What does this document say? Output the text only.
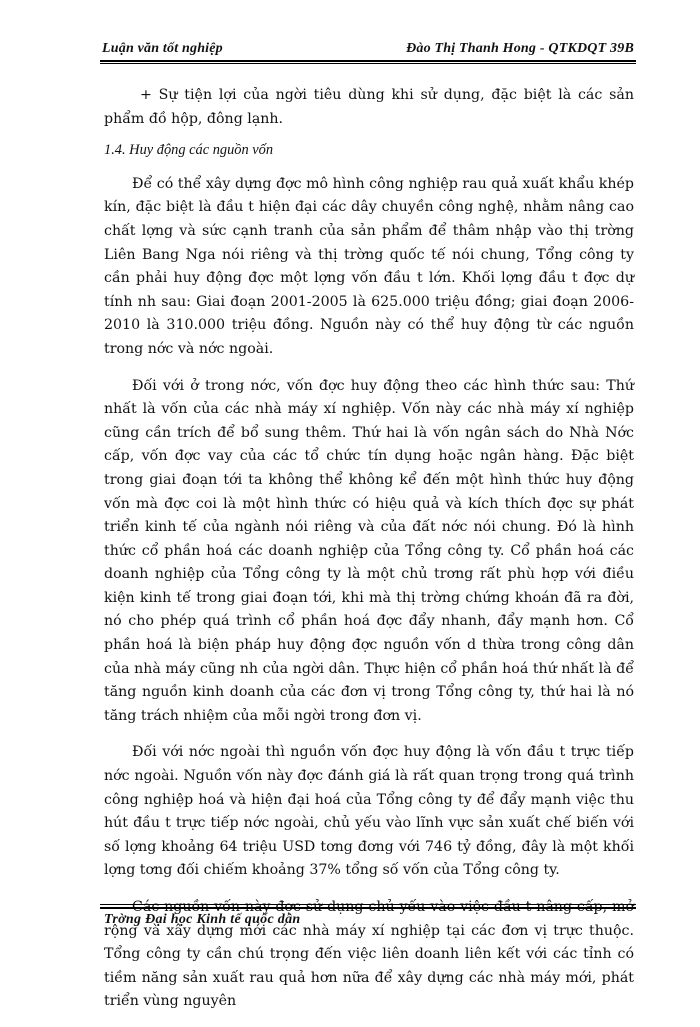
Luận văn tốt nghiệp	Đào Thị Thanh Hong - QTKDQT 39B

+ Sự tiện lợi của ngời tiêu dùng khi sử dụng, đặc biệt là các sản phẩm đồ hộp, đông lạnh.

1.4. Huy động các nguồn vốn

Để có thể xây dựng đợc mô hình công nghiệp rau quả xuất khẩu khép kín, đặc biệt là đầu t hiện đại các dây chuyền công nghệ, nhằm nâng cao chất lợng và sức cạnh tranh của sản phẩm để thâm nhập vào thị trờng Liên Bang Nga nói riêng và thị trờng quốc tế nói chung, Tổng công ty cần phải huy động đợc một lợng vốn đầu t lớn. Khối lợng đầu t đợc dự tính nh sau: Giai đoạn 2001-2005 là 625.000 triệu đồng; giai đoạn 2006-2010 là 310.000 triệu đồng. Nguồn này có thể huy động từ các nguồn trong nớc và nớc ngoài.

Đối với ở trong nớc, vốn đợc huy động theo các hình thức sau: Thứ nhất là vốn của các nhà máy xí nghiệp. Vốn này các nhà máy xí nghiệp cũng cần trích để bổ sung thêm. Thứ hai là vốn ngân sách do Nhà Nớc cấp, vốn đợc vay của các tổ chức tín dụng hoặc ngân hàng. Đặc biệt trong giai đoạn tới ta không thể không kể đến một hình thức huy động vốn mà đợc coi là một hình thức có hiệu quả và kích thích đợc sự phát triển kinh tế của ngành nói riêng và của đất nớc nói chung. Đó là hình thức cổ phần hoá các doanh nghiệp của Tổng công ty. Cổ phần hoá các doanh nghiệp của Tổng công ty là một chủ trơng rất phù hợp với điều kiện kinh tế trong giai đoạn tới, khi mà thị trờng chứng khoán đã ra đời, nó cho phép quá trình cổ phần hoá đợc đẩy nhanh, đẩy mạnh hơn. Cổ phần hoá là biện pháp huy động đợc nguồn vốn d thừa trong công dân của nhà máy cũng nh của ngời dân. Thực hiện cổ phần hoá thứ nhất là để tăng nguồn kinh doanh của các đơn vị trong Tổng công ty, thứ hai là nó tăng trách nhiệm của mỗi ngời trong đơn vị.

Đối với nớc ngoài thì nguồn vốn đợc huy động là vốn đầu t trực tiếp nớc ngoài. Nguồn vốn này đợc đánh giá là rất quan trọng trong quá trình công nghiệp hoá và hiện đại hoá của Tổng công ty để đẩy mạnh việc thu hút đầu t trực tiếp nớc ngoài, chủ yếu vào lĩnh vực sản xuất chế biến với số lợng khoảng 64 triệu USD tơng đơng với 746 tỷ đồng, đây là một khối lợng tơng đối chiếm khoảng 37% tổng số vốn của Tổng công ty.

Các nguồn vốn này đợc sử dụng chủ yếu vào việc đầu t nâng cấp, mở rộng và xây dựng mới các nhà máy xí nghiệp tại các đơn vị trực thuộc. Tổng công ty cần chú trọng đến việc liên doanh liên kết với các tỉnh có tiềm năng sản xuất rau quả hơn nữa để xây dựng các nhà máy mới, phát triển vùng nguyên

Trờng Đại học Kinh tế quốc dân
